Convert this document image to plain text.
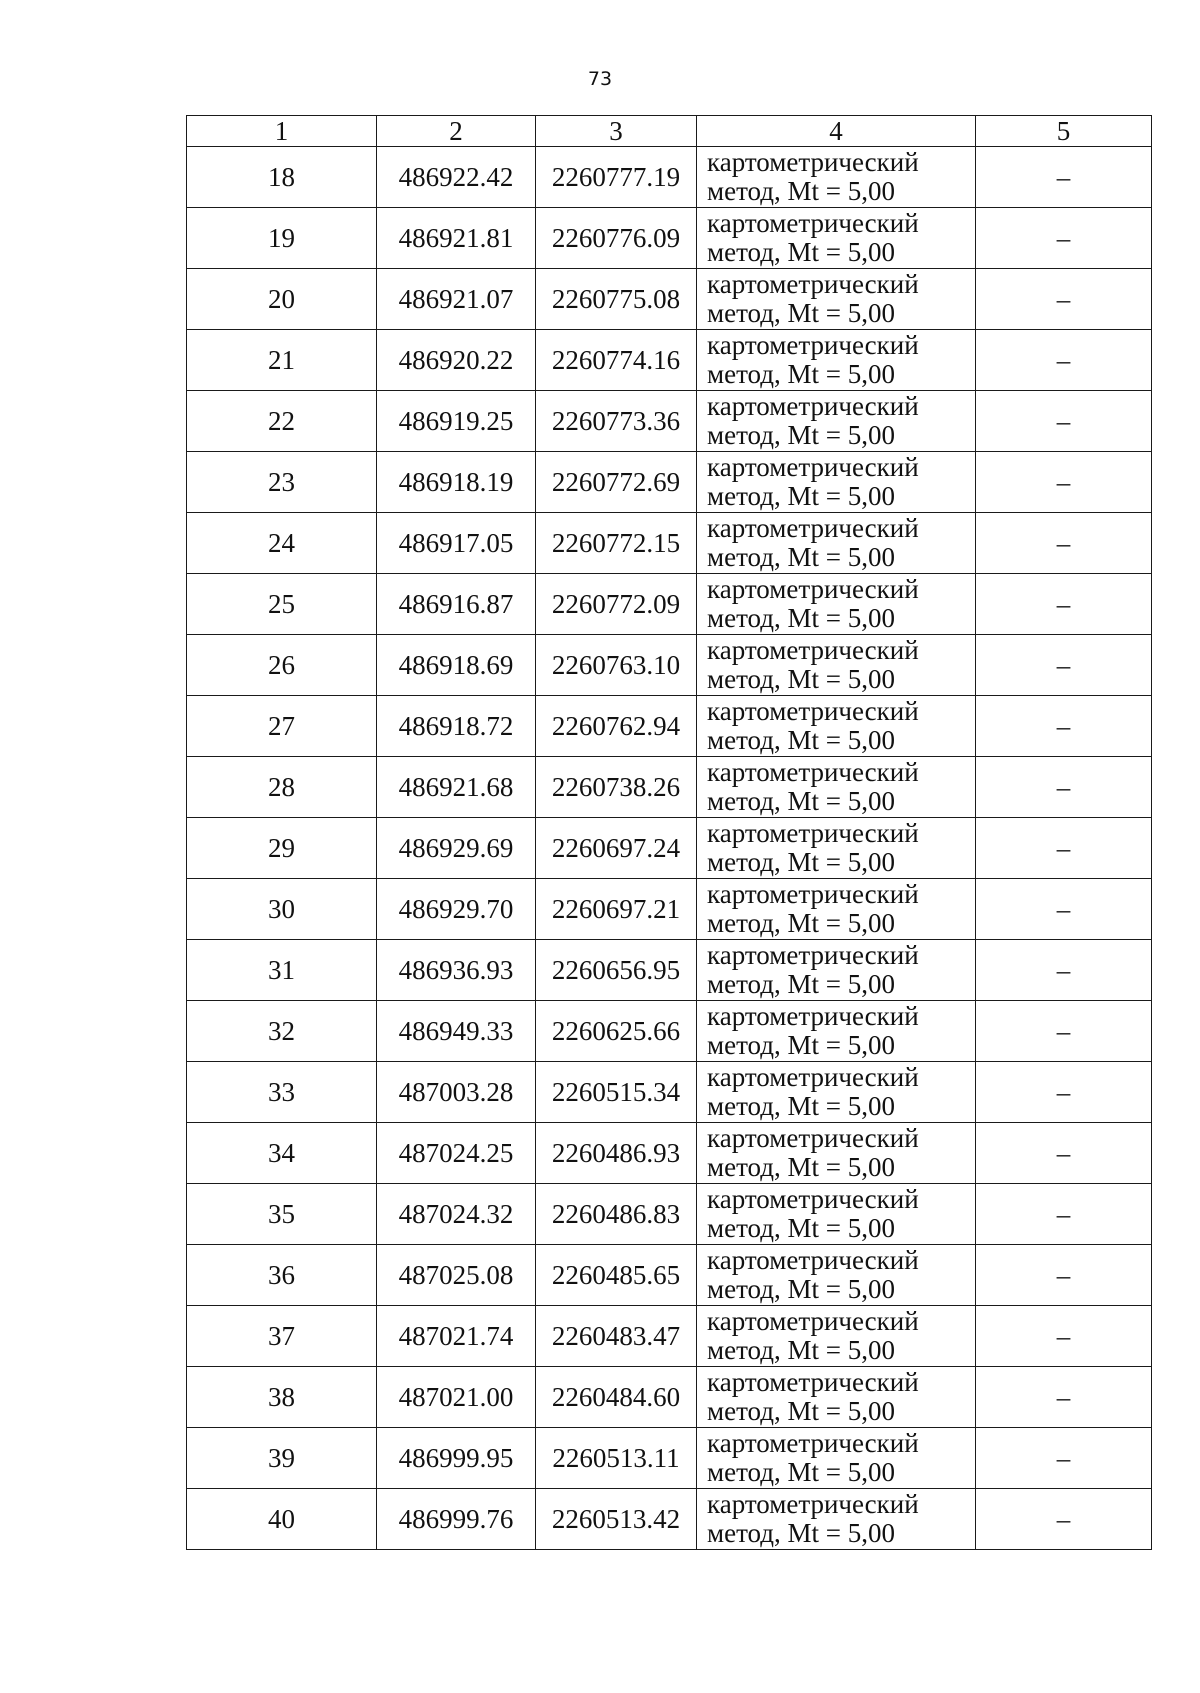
73
1	2	3	4	5
18	486922.42	2260777.19	картометрический
метод, Mt = 5,00	–
19	486921.81	2260776.09	картометрический
метод, Mt = 5,00	–
20	486921.07	2260775.08	картометрический
метод, Mt = 5,00	–
21	486920.22	2260774.16	картометрический
метод, Mt = 5,00	–
22	486919.25	2260773.36	картометрический
метод, Mt = 5,00	–
23	486918.19	2260772.69	картометрический
метод, Mt = 5,00	–
24	486917.05	2260772.15	картометрический
метод, Mt = 5,00	–
25	486916.87	2260772.09	картометрический
метод, Mt = 5,00	–
26	486918.69	2260763.10	картометрический
метод, Mt = 5,00	–
27	486918.72	2260762.94	картометрический
метод, Mt = 5,00	–
28	486921.68	2260738.26	картометрический
метод, Mt = 5,00	–
29	486929.69	2260697.24	картометрический
метод, Mt = 5,00	–
30	486929.70	2260697.21	картометрический
метод, Mt = 5,00	–
31	486936.93	2260656.95	картометрический
метод, Mt = 5,00	–
32	486949.33	2260625.66	картометрический
метод, Mt = 5,00	–
33	487003.28	2260515.34	картометрический
метод, Mt = 5,00	–
34	487024.25	2260486.93	картометрический
метод, Mt = 5,00	–
35	487024.32	2260486.83	картометрический
метод, Mt = 5,00	–
36	487025.08	2260485.65	картометрический
метод, Mt = 5,00	–
37	487021.74	2260483.47	картометрический
метод, Mt = 5,00	–
38	487021.00	2260484.60	картометрический
метод, Mt = 5,00	–
39	486999.95	2260513.11	картометрический
метод, Mt = 5,00	–
40	486999.76	2260513.42	картометрический
метод, Mt = 5,00	–
